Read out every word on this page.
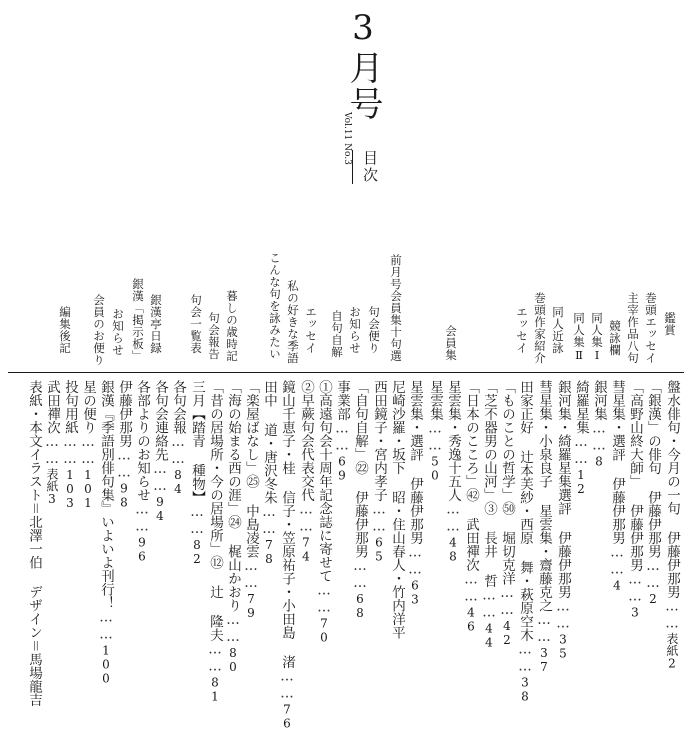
3月号
Vol.11 No.3
目次
鑑賞
巻頭エッセイ
主宰作品八句
競詠欄
同人集Ⅰ
同人集Ⅱ
同人近詠
巻頭作家紹介
エッセイ
会員集
前月号会員集十句選
句会便り
お知らせ
自句自解
エッセイ
私の好きな季語
こんな句を詠みたい
暮しの歳時記
句会報告
句会一覧表
銀漢亭日録
銀漢「掲示板」
お知らせ
会員のお便り
編集後記
盤水俳句・今月の一句 伊藤伊那男……表紙2
「銀漢」の俳句 伊藤伊那男……2
「高野山終大師」 伊藤伊那男……3
彗星集・選評 伊藤伊那男……4
銀河集……8
綺羅星集……12
銀河集・綺羅星集選評 伊藤伊那男……35
彗星集・小泉良子 星雲集・齋藤克之……37
田家正好 辻本芙紗・西原 舞・萩原空木……38
「ものことの哲学」㊿ 堀切克洋……42
「芝不器男の山河」③ 長井 哲……44
「日本のこころ」㊷ 武田禪次……46
星雲集・秀逸十五人……48
星雲集……50
星雲集・選評 伊藤伊那男……63
尼崎沙羅・坂下 昭・住山春人・竹内洋平
西田鏡子・宮内孝子……65
「自句自解」㉒ 伊藤伊那男……68
事業部……69
①高遠句会十周年記念誌に寄せて……70
②早蕨句会代表交代……74
鏡山千恵子・桂 信子・笠原祐子・小田島 渚……76
田中 道・唐沢冬朱……78
「楽屋ばなし」㉕ 中島凌雲……79
「海の始まる西の涯」㉔ 梶山かおり……80
「昔の居場所・今の居場所」⑫ 辻 隆夫……81
三月【踏青 種物】……82
各句会報……84
各句会連絡先……94
各部よりのお知らせ……96
伊藤伊那男……98
銀漢『季語別俳句集』いよいよ刊行！……100
星の便り……101
投句用紙……103
武田禪次……表紙3
表紙・本文イラスト＝北澤一伯 デザイン＝馬場龍吉
